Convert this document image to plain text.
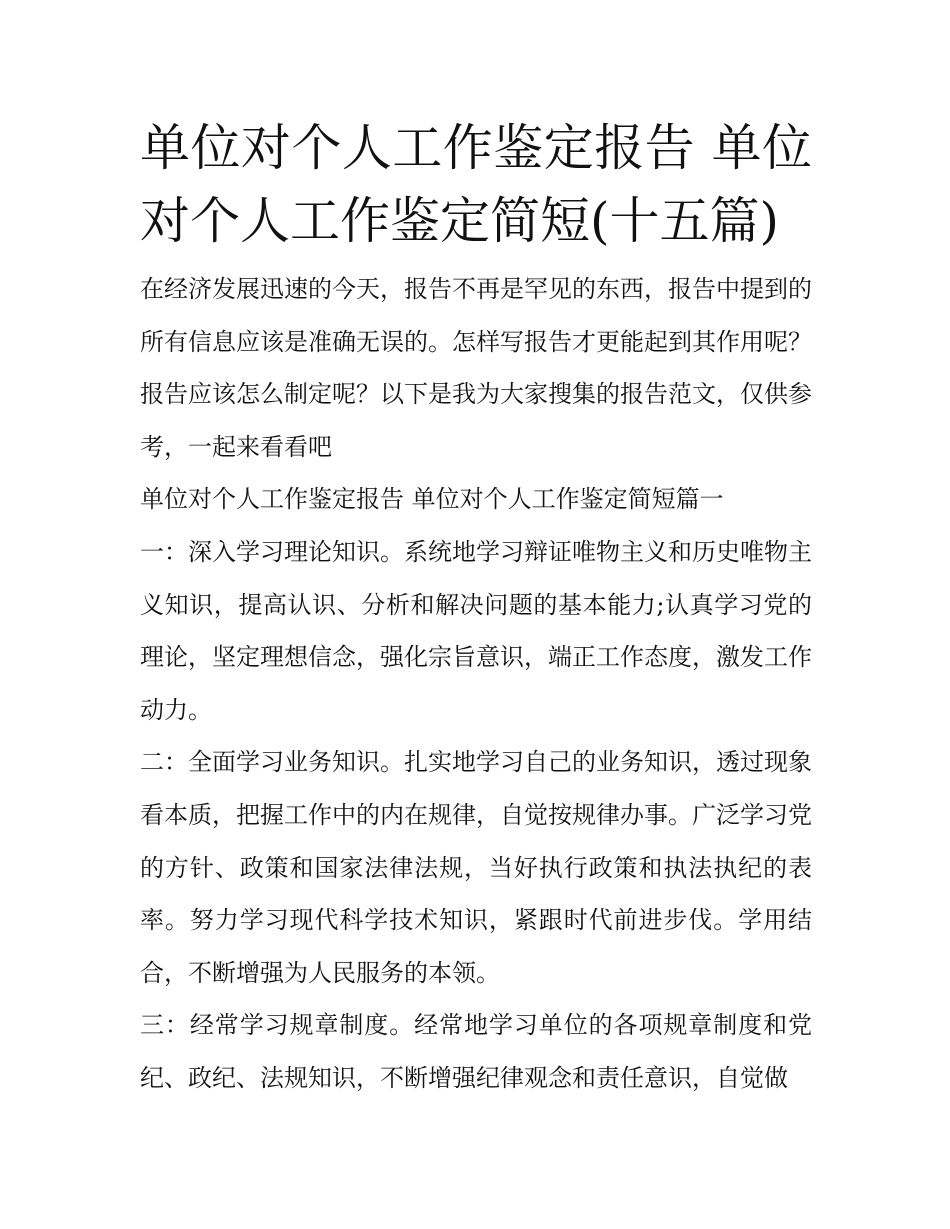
单位对个人工作鉴定报告 单位对个人工作鉴定简短(十五篇)

在经济发展迅速的今天，报告不再是罕见的东西，报告中提到的所有信息应该是准确无误的。怎样写报告才更能起到其作用呢？报告应该怎么制定呢？以下是我为大家搜集的报告范文，仅供参考，一起来看看吧

单位对个人工作鉴定报告 单位对个人工作鉴定简短篇一

一：深入学习理论知识。系统地学习辩证唯物主义和历史唯物主义知识，提高认识、分析和解决问题的基本能力;认真学习党的理论，坚定理想信念，强化宗旨意识，端正工作态度，激发工作动力。

二：全面学习业务知识。扎实地学习自己的业务知识，透过现象看本质，把握工作中的内在规律，自觉按规律办事。广泛学习党的方针、政策和国家法律法规，当好执行政策和执法执纪的表率。努力学习现代科学技术知识，紧跟时代前进步伐。学用结合，不断增强为人民服务的本领。

三：经常学习规章制度。经常地学习单位的各项规章制度和党纪、政纪、法规知识，不断增强纪律观念和责任意识，自觉做
